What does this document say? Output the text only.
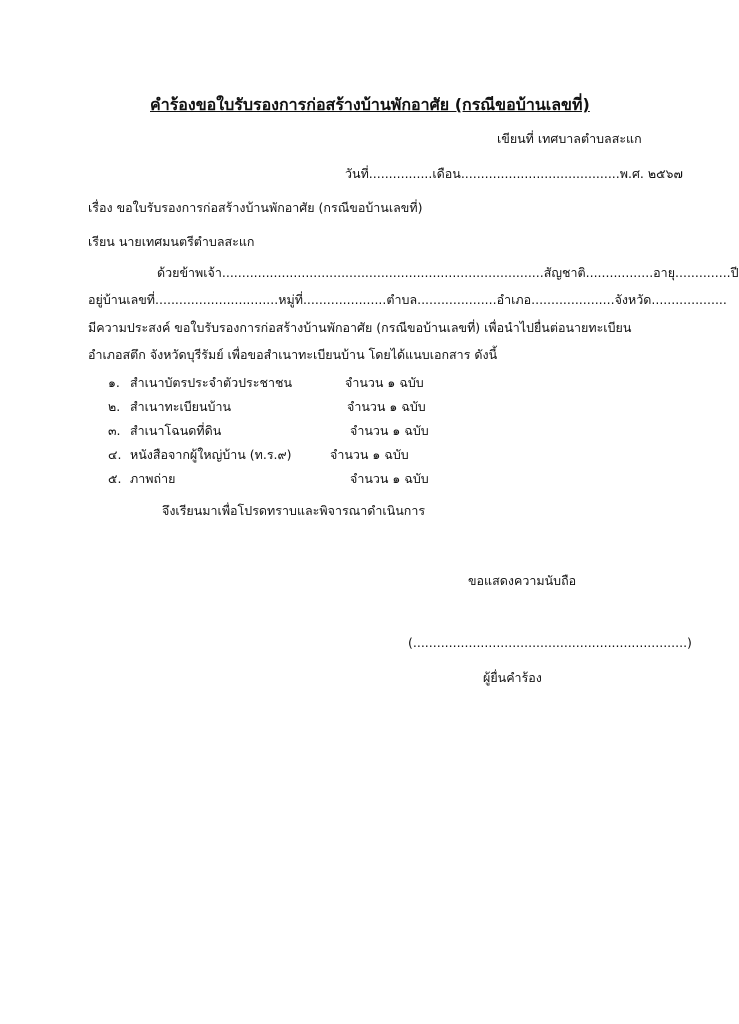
คำร้องขอใบรับรองการก่อสร้างบ้านพักอาศัย (กรณีขอบ้านเลขที่)
เขียนที่ เทศบาลตำบลสะแก
วันที่................เดือน........................................พ.ศ. ๒๕๖๗
เรื่อง ขอใบรับรองการก่อสร้างบ้านพักอาศัย (กรณีขอบ้านเลขที่)
เรียน นายเทศมนตรีตำบลสะแก
ด้วยข้าพเจ้า.................................................................................สัญชาติ.................อายุ..............ปี
อยู่บ้านเลขที่...............................หมู่ที่.....................ตำบล....................อำเภอ.....................จังหวัด...................
มีความประสงค์ ขอใบรับรองการก่อสร้างบ้านพักอาศัย (กรณีขอบ้านเลขที่) เพื่อนำไปยื่นต่อนายทะเบียน
อำเภอสตึก จังหวัดบุรีรัมย์ เพื่อขอสำเนาทะเบียนบ้าน โดยได้แนบเอกสาร ดังนี้
๑. สำเนาบัตรประจำตัวประชาชน	จำนวน ๑ ฉบับ
๒. สำเนาทะเบียนบ้าน	จำนวน ๑ ฉบับ
๓. สำเนาโฉนดที่ดิน	จำนวน ๑ ฉบับ
๔. หนังสือจากผู้ใหญ่บ้าน (ท.ร.๙)	จำนวน ๑ ฉบับ
๕. ภาพถ่าย	จำนวน ๑ ฉบับ
จึงเรียนมาเพื่อโปรดทราบและพิจารณาดำเนินการ
ขอแสดงความนับถือ
(.....................................................................)
ผู้ยื่นคำร้อง
